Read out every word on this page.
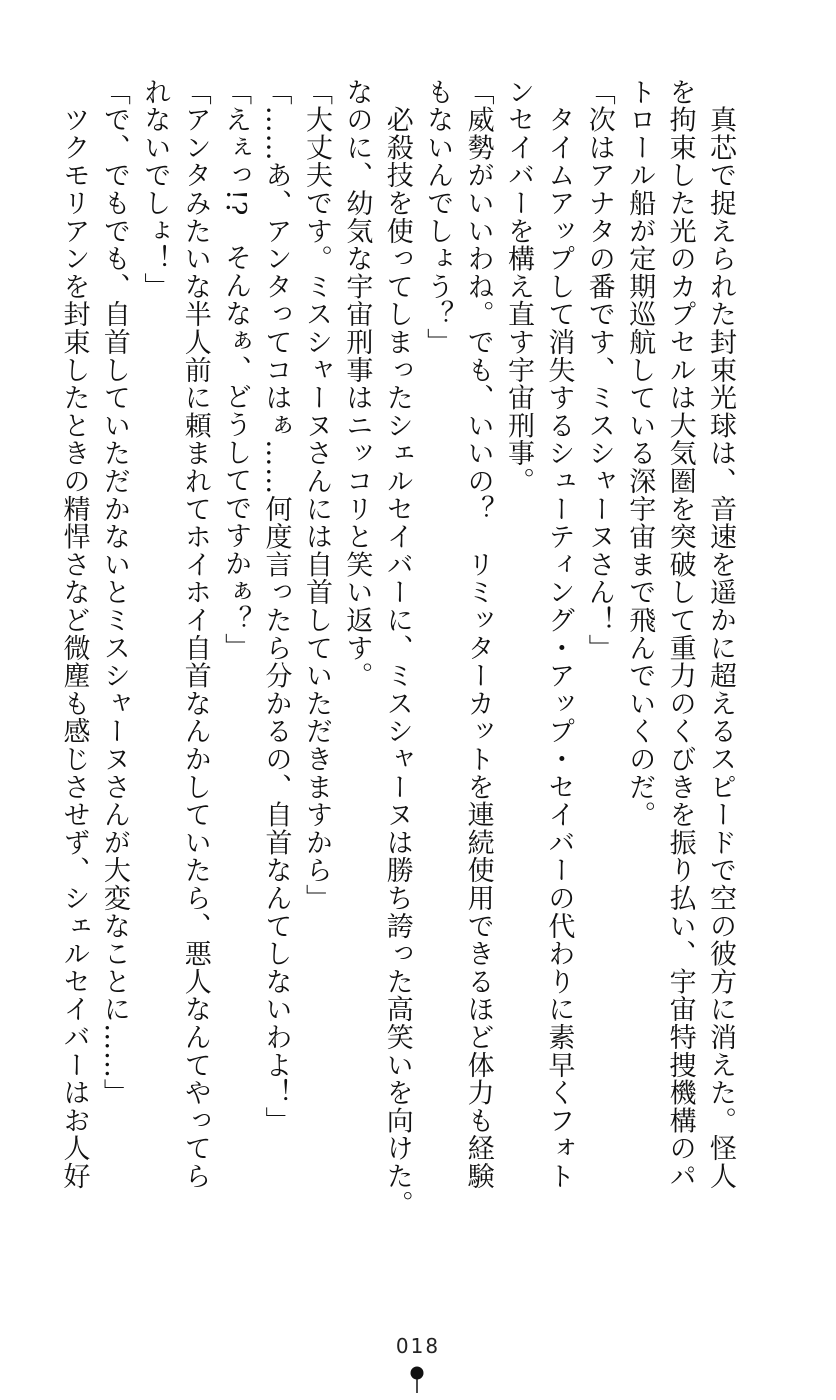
　真芯で捉えられた封束光球は、音速を遥かに超えるスピードで空の彼方に消えた。怪人
を拘束した光のカプセルは大気圏を突破して重力のくびきを振り払い、宇宙特捜機構のパ
トロール船が定期巡航している深宇宙まで飛んでいくのだ。
「次はアナタの番です、ミスシャーヌさん！」
　タイムアップして消失するシューティング・アップ・セイバーの代わりに素早くフォト
ンセイバーを構え直す宇宙刑事。
「威勢がいいわね。でも、いいの？　リミッターカットを連続使用できるほど体力も経験
もないんでしょう？」
　必殺技を使ってしまったシェルセイバーに、ミスシャーヌは勝ち誇った高笑いを向けた。
なのに、幼気な宇宙刑事はニッコリと笑い返す。
「大丈夫です。ミスシャーヌさんには自首していただきますから」
「……あ、アンタってコはぁ……何度言ったら分かるの、自首なんてしないわよ！」
「えぇっ!?　そんなぁ、どうしてですかぁ？」
「アンタみたいな半人前に頼まれてホイホイ自首なんかしていたら、悪人なんてやってら
れないでしょ！」
「で、でもでも、自首していただかないとミスシャーヌさんが大変なことに……」
　ツクモリアンを封束したときの精悍さなど微塵も感じさせず、シェルセイバーはお人好
018
